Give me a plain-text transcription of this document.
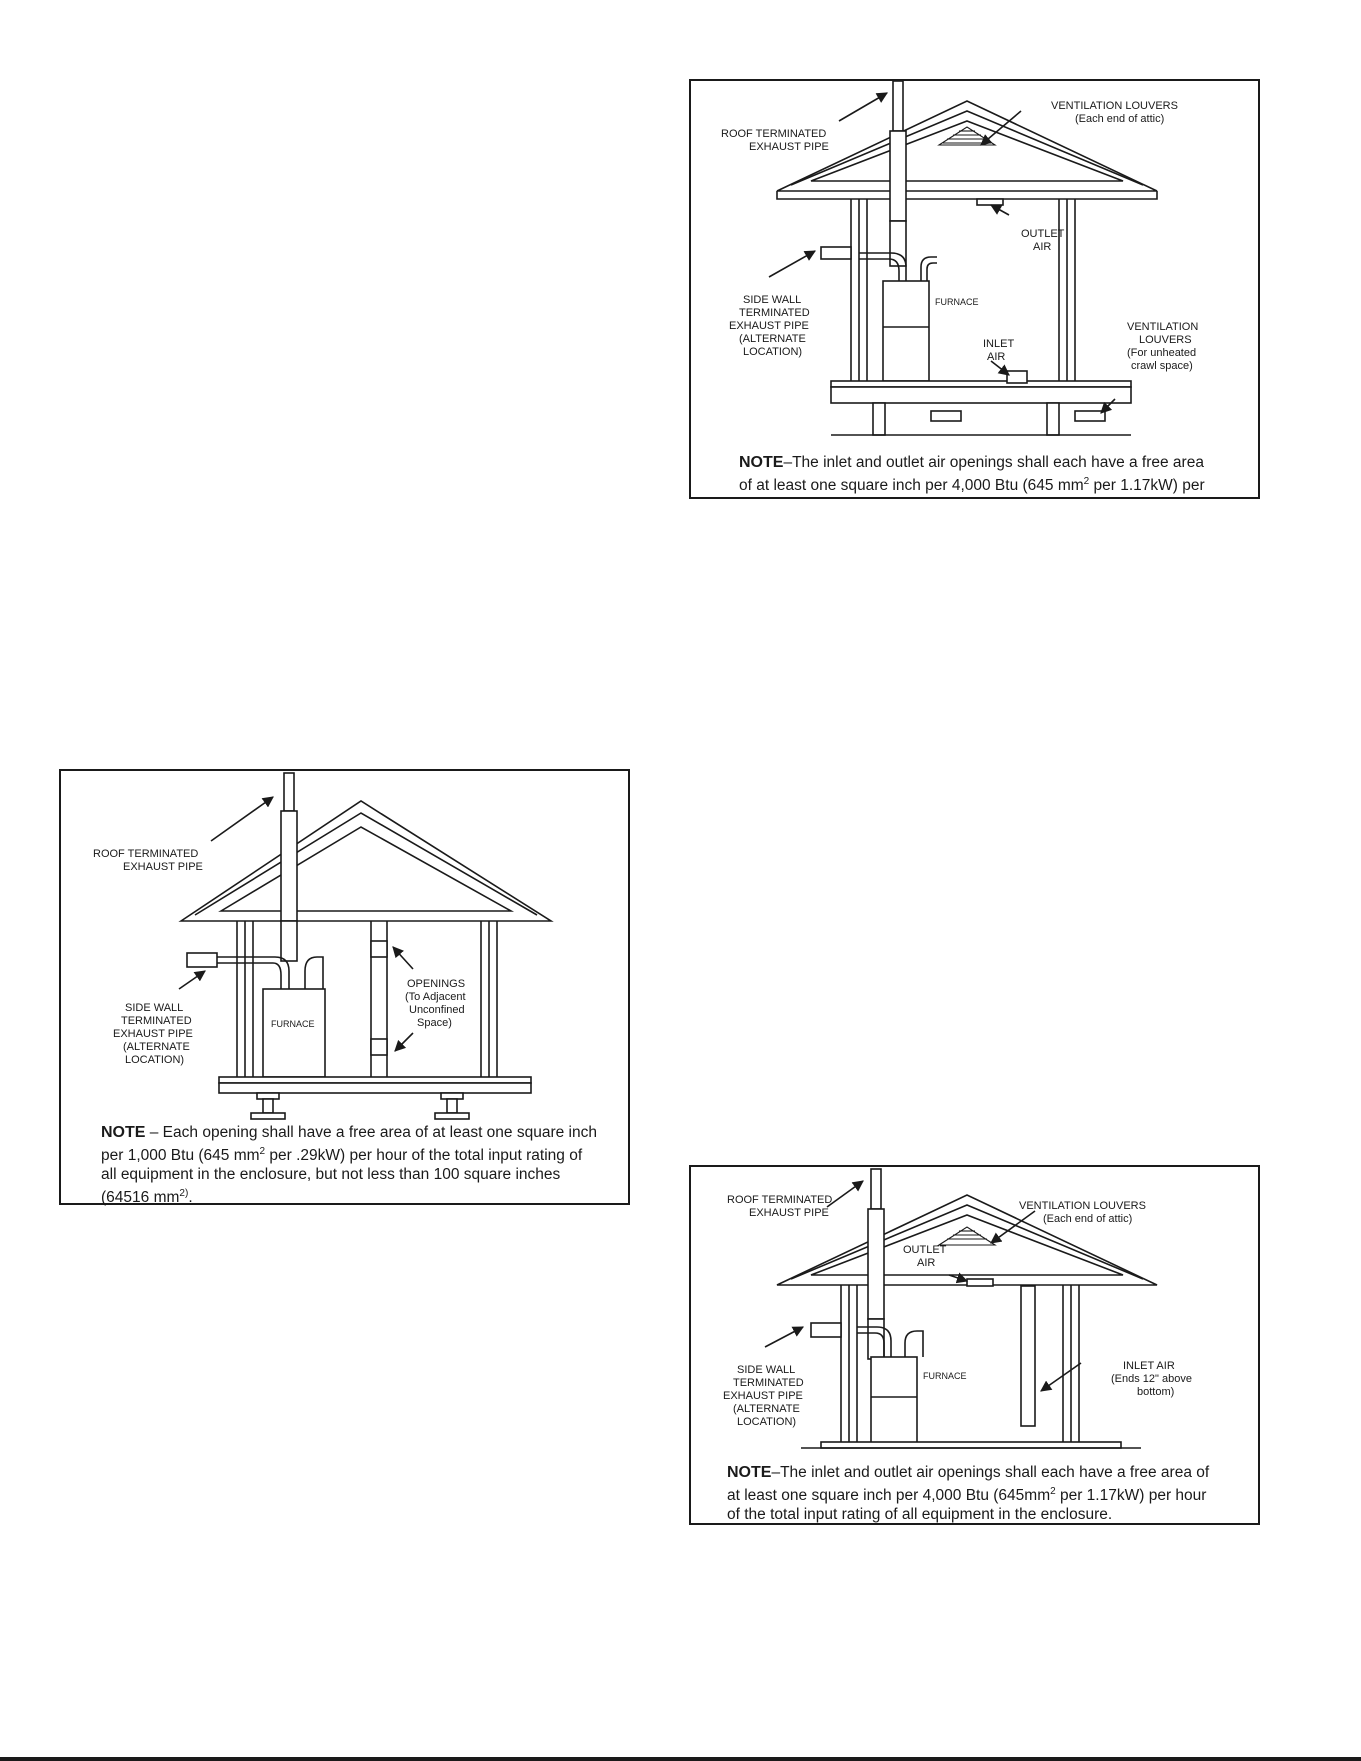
ROOF TERMINATED
EXHAUST PIPE
VENTILATION LOUVERS
(Each end of attic)
OUTLET
AIR
SIDE WALL
TERMINATED
EXHAUST PIPE
(ALTERNATE
LOCATION)
FURNACE
INLET
AIR
VENTILATION
LOUVERS
(For unheated
crawl space)
NOTE–The inlet and outlet air openings shall each have a free area
of at least one square inch per 4,000 Btu (645 $mm^2$ per 1.17kW) per
ROOF TERMINATED
EXHAUST PIPE
SIDE WALL
TERMINATED
EXHAUST PIPE
(ALTERNATE
LOCATION)
FURNACE
OPENINGS
(To Adjacent
Unconfined
Space)
NOTE – Each opening shall have a free area of at least one square inch
per 1,000 Btu (645 $mm^2$ per .29kW) per hour of the total input rating of
all equipment in the enclosure, but not less than 100 square inches
(64516 $mm^{2)}$.	ROOF TERMINATED
EXHAUST PIPE
VENTILATION LOUVERS
(Each end of attic)
OUTLET
AIR
SIDE WALL
TERMINATED
EXHAUST PIPE
(ALTERNATE
LOCATION)
FURNACE
INLET AIR
(Ends 12" above
bottom)
NOTE–The inlet and outlet air openings shall each have a free area of
at least one square inch per 4,000 Btu ($645mm^2$ per 1.17kW) per hour
of the total input rating of all equipment in the enclosure.
